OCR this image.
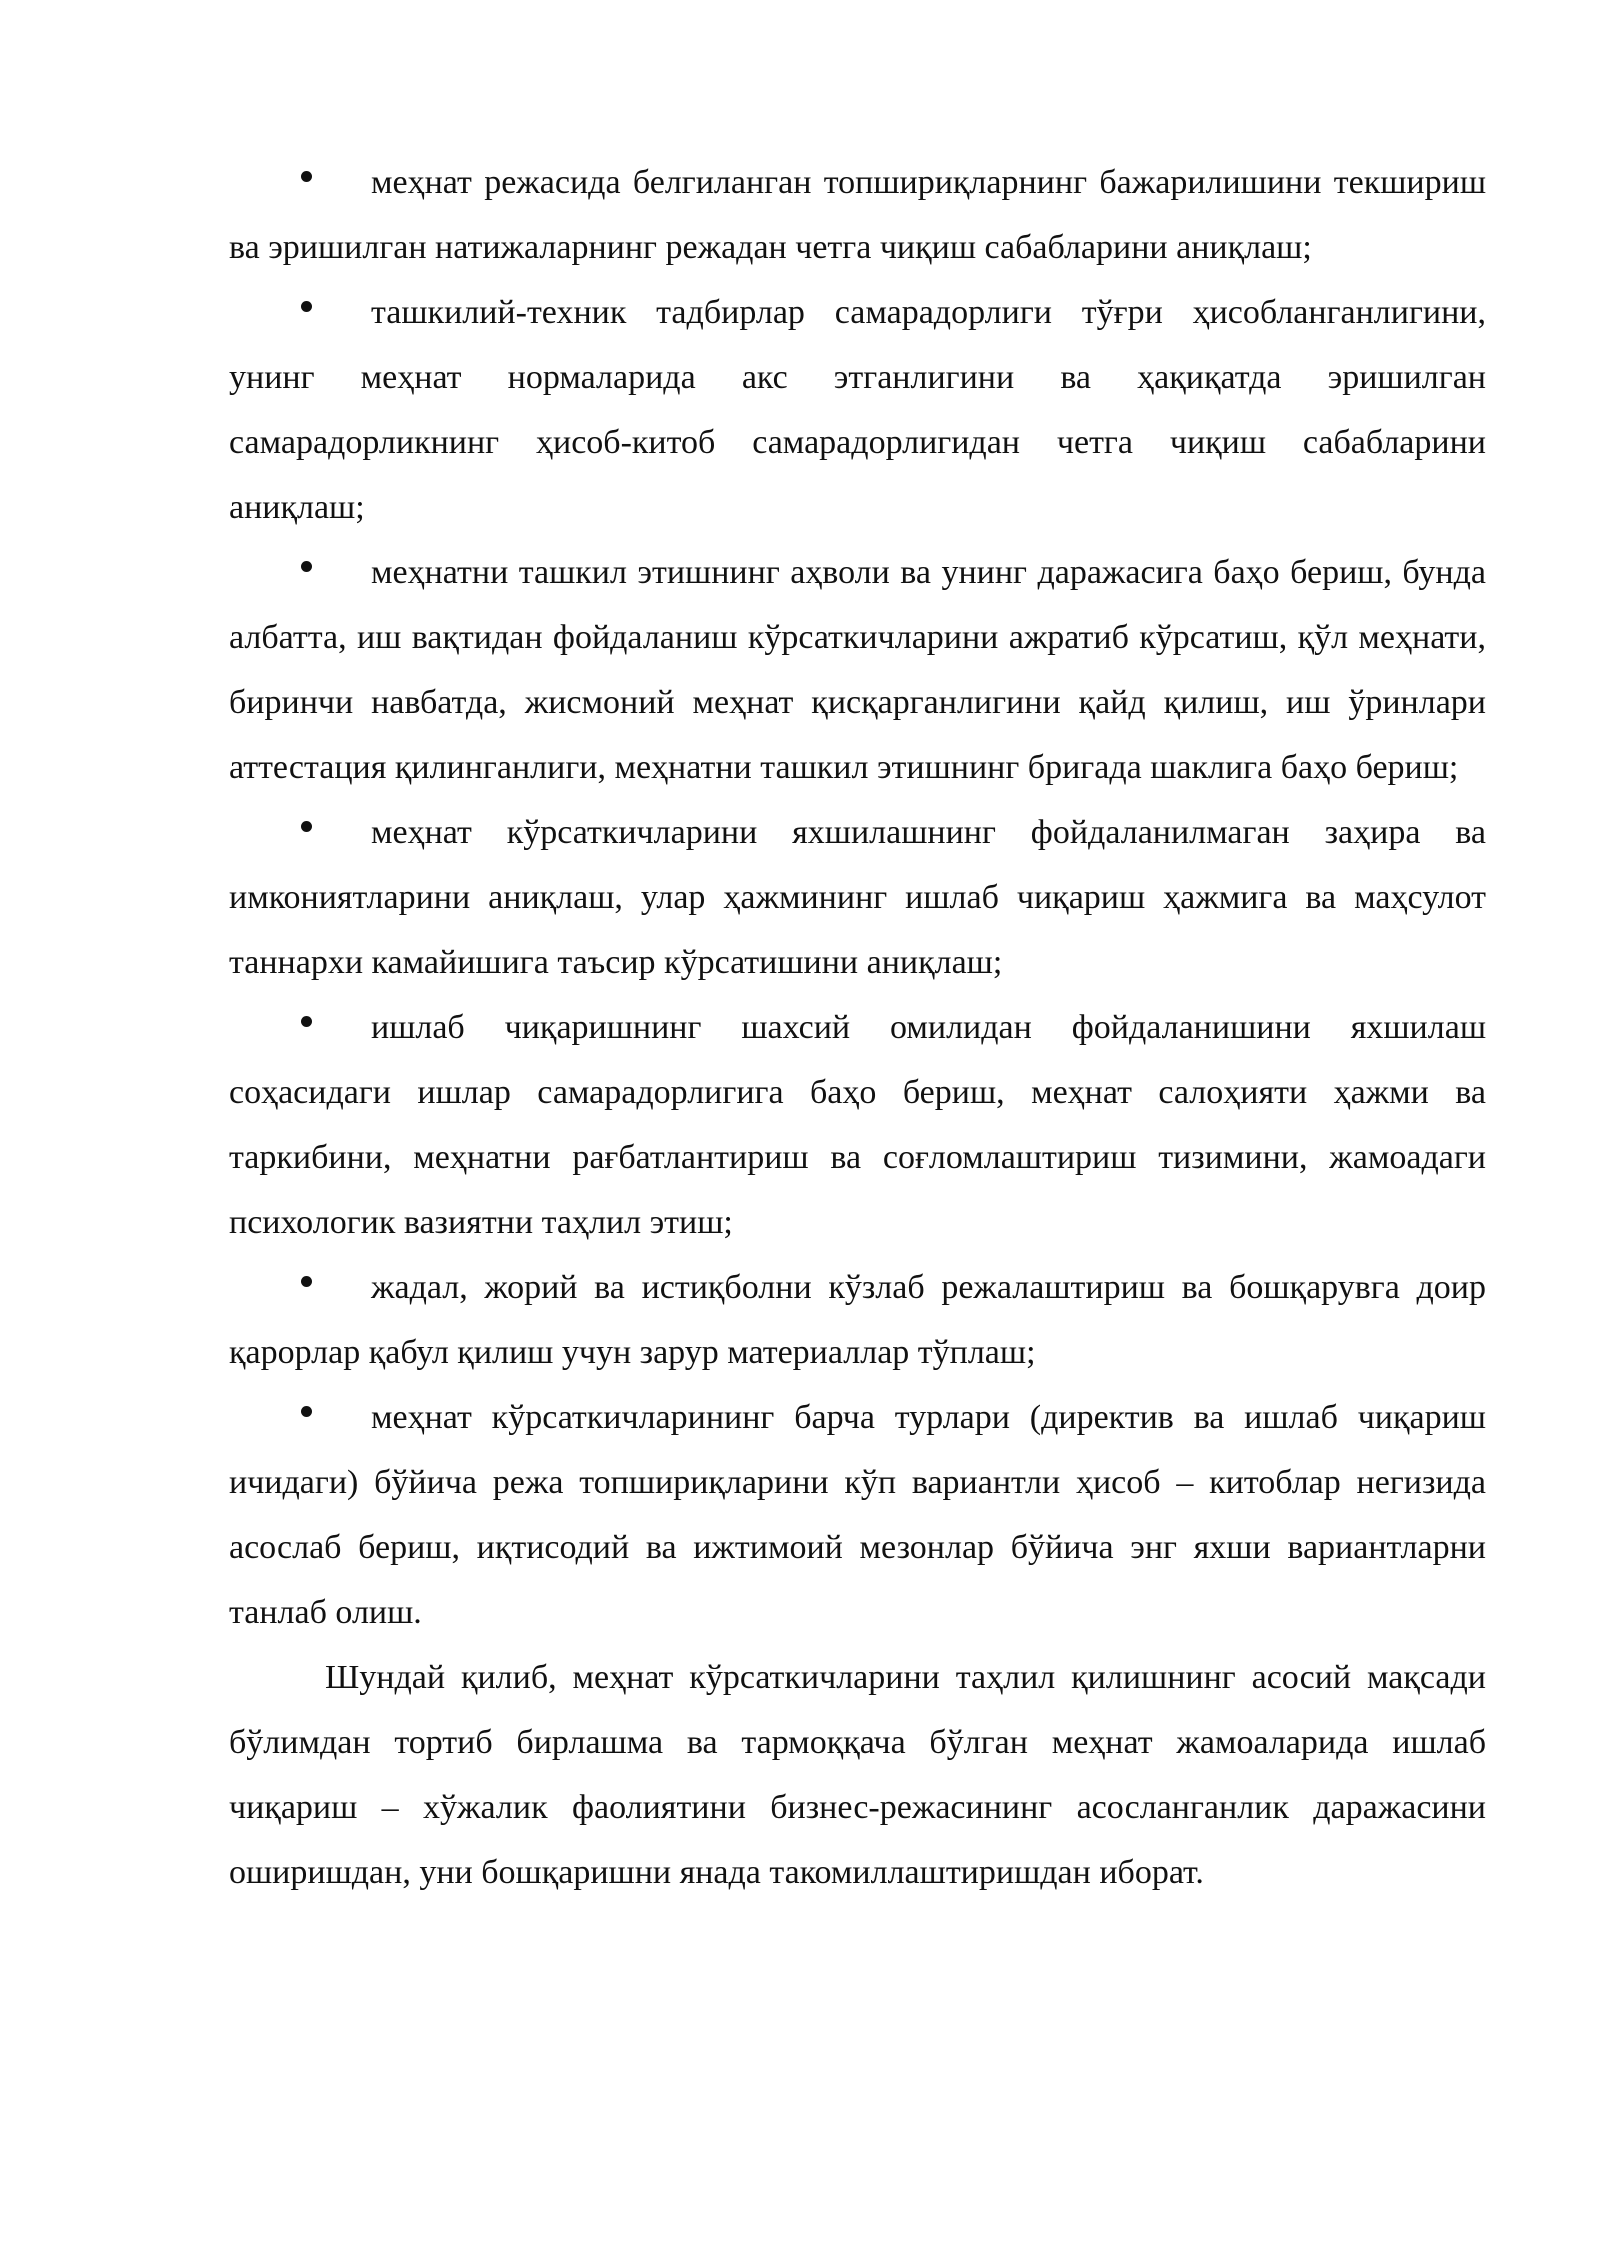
меҳнат режасида белгиланган топшириқларнинг бажарилишини текшириш ва эришилган натижаларнинг режадан четга чиқиш сабабларини аниқлаш;

ташкилий-техник тадбирлар самарадорлиги тўғри ҳисобланганлигини, унинг меҳнат нормаларида акс этганлигини ва ҳақиқатда эришилган самарадорликнинг ҳисоб-китоб самарадорлигидан четга чиқиш сабабларини аниқлаш;

меҳнатни ташкил этишнинг аҳволи ва унинг даражасига баҳо бериш, бунда албатта, иш вақтидан фойдаланиш кўрсаткичларини ажратиб кўрсатиш, қўл меҳнати, биринчи навбатда, жисмоний меҳнат қисқарганлигини қайд қилиш, иш ўринлари аттестация қилинганлиги, меҳнатни ташкил этишнинг бригада шаклига баҳо бериш;

меҳнат кўрсаткичларини яхшилашнинг фойдаланилмаган заҳира ва имкониятларини аниқлаш, улар ҳажмининг ишлаб чиқариш ҳажмига ва маҳсулот таннархи камайишига таъсир кўрсатишини аниқлаш;

ишлаб чиқаришнинг шахсий омилидан фойдаланишини яхшилаш соҳасидаги ишлар самарадорлигига баҳо бериш, меҳнат салоҳияти ҳажми ва таркибини, меҳнатни рағбатлантириш ва соғломлаштириш тизимини, жамоадаги психологик вазиятни таҳлил этиш;

жадал, жорий ва истиқболни кўзлаб режалаштириш ва бошқарувга доир қарорлар қабул қилиш учун зарур материаллар тўплаш;

меҳнат кўрсаткичларининг барча турлари (директив ва ишлаб чиқариш ичидаги) бўйича режа топшириқларини кўп вариантли ҳисоб – китоблар негизида асослаб бериш, иқтисодий ва ижтимоий мезонлар бўйича энг яхши вариантларни танлаб олиш.

Шундай қилиб, меҳнат кўрсаткичларини таҳлил қилишнинг асосий мақсади бўлимдан тортиб бирлашма ва тармоққача бўлган меҳнат жамоаларида ишлаб чиқариш – хўжалик фаолиятини бизнес-режасининг асосланганлик даражасини оширишдан, уни бошқаришни янада такомиллаштиришдан иборат.
